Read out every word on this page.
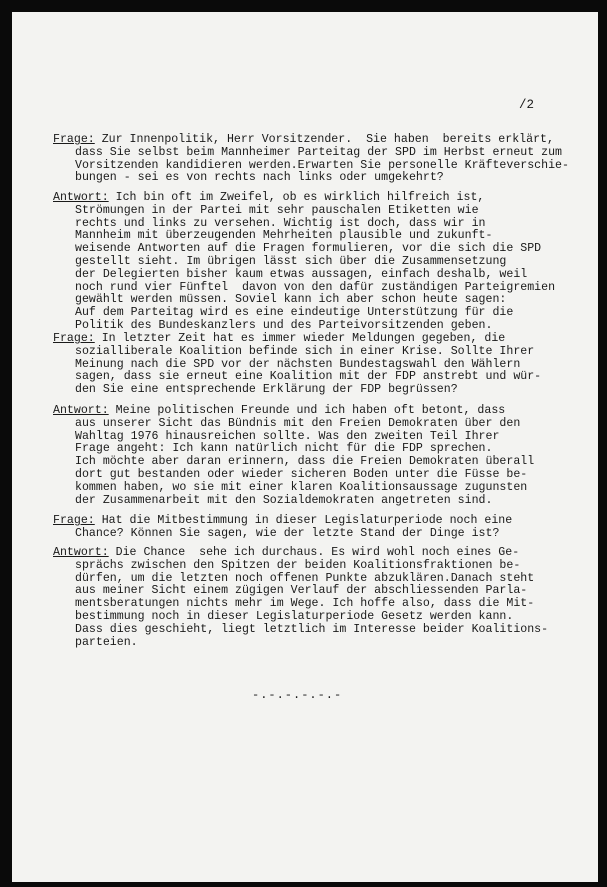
/2
Frage: Zur Innenpolitik, Herr Vorsitzender.  Sie haben  bereits erklärt,
dass Sie selbst beim Mannheimer Parteitag der SPD im Herbst erneut zum
Vorsitzenden kandidieren werden.Erwarten Sie personelle Kräfteverschie-
bungen - sei es von rechts nach links oder umgekehrt?
Antwort: Ich bin oft im Zweifel, ob es wirklich hilfreich ist,
Strömungen in der Partei mit sehr pauschalen Etiketten wie
rechts und links zu versehen. Wichtig ist doch, dass wir in
Mannheim mit überzeugenden Mehrheiten plausible und zukunft-
weisende Antworten auf die Fragen formulieren, vor die sich die SPD
gestellt sieht. Im übrigen lässt sich über die Zusammensetzung
der Delegierten bisher kaum etwas aussagen, einfach deshalb, weil
noch rund vier Fünftel  davon von den dafür zuständigen Parteigremien
gewählt werden müssen. Soviel kann ich aber schon heute sagen:
Auf dem Parteitag wird es eine eindeutige Unterstützung für die
Politik des Bundeskanzlers und des Parteivorsitzenden geben.
Frage: In letzter Zeit hat es immer wieder Meldungen gegeben, die
sozialliberale Koalition befinde sich in einer Krise. Sollte Ihrer
Meinung nach die SPD vor der nächsten Bundestagswahl den Wählern
sagen, dass sie erneut eine Koalition mit der FDP anstrebt und wür-
den Sie eine entsprechende Erklärung der FDP begrüssen?
Antwort: Meine politischen Freunde und ich haben oft betont, dass
aus unserer Sicht das Bündnis mit den Freien Demokraten über den
Wahltag 1976 hinausreichen sollte. Was den zweiten Teil Ihrer
Frage angeht: Ich kann natürlich nicht für die FDP sprechen.
Ich möchte aber daran erinnern, dass die Freien Demokraten überall
dort gut bestanden oder wieder sicheren Boden unter die Füsse be-
kommen haben, wo sie mit einer klaren Koalitionsaussage zugunsten
der Zusammenarbeit mit den Sozialdemokraten angetreten sind.
Frage: Hat die Mitbestimmung in dieser Legislaturperiode noch eine
Chance? Können Sie sagen, wie der letzte Stand der Dinge ist?
Antwort: Die Chance  sehe ich durchaus. Es wird wohl noch eines Ge-
sprächs zwischen den Spitzen der beiden Koalitionsfraktionen be-
dürfen, um die letzten noch offenen Punkte abzuklären.Danach steht
aus meiner Sicht einem zügigen Verlauf der abschliessenden Parla-
mentsberatungen nichts mehr im Wege. Ich hoffe also, dass die Mit-
bestimmung noch in dieser Legislaturperiode Gesetz werden kann.
Dass dies geschieht, liegt letztlich im Interesse beider Koalitions-
parteien.
-.-.-.-.-.-
